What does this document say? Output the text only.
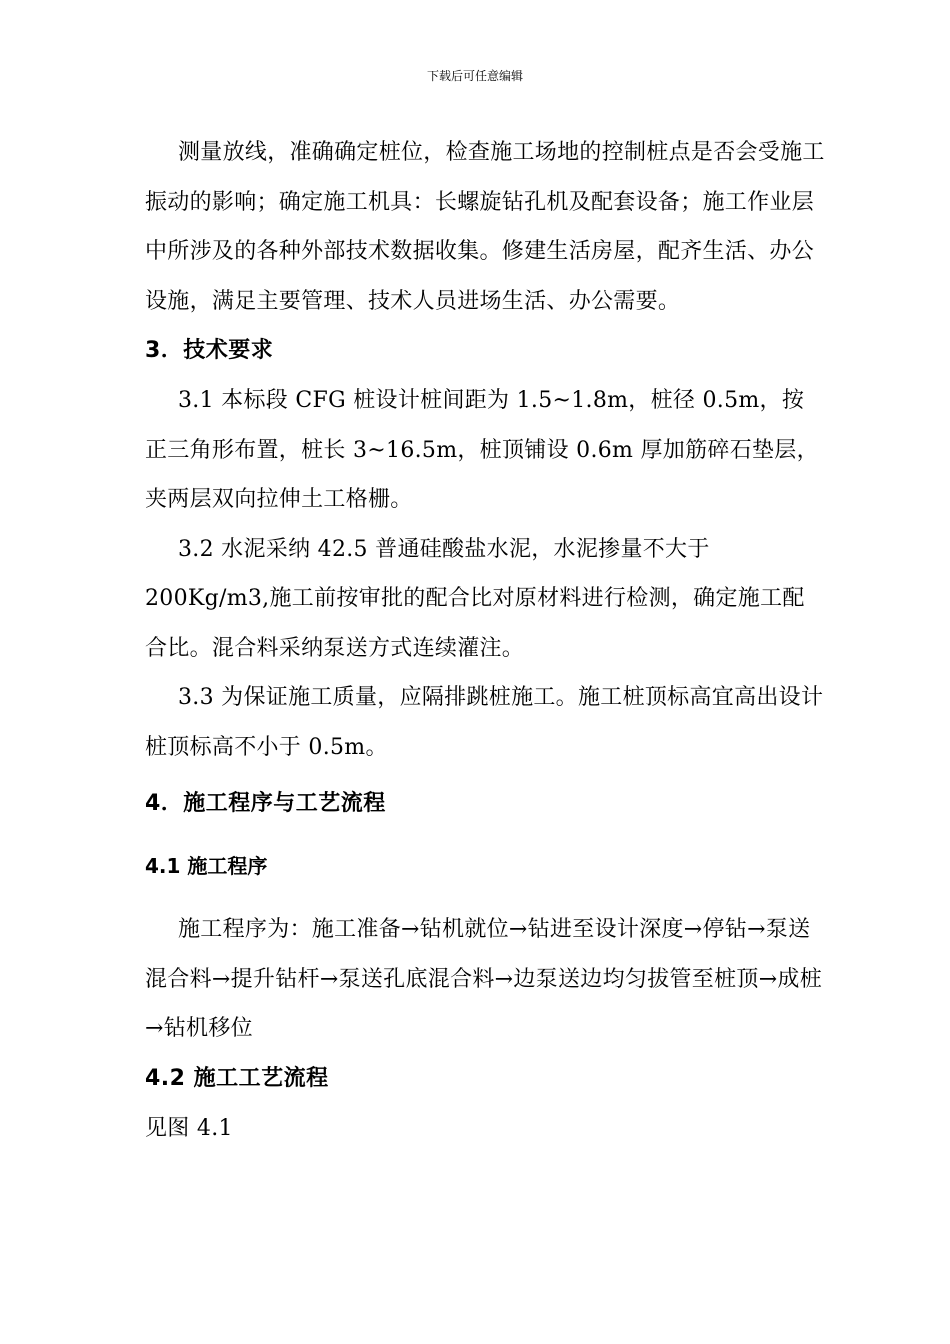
下载后可任意编辑

测量放线，准确确定桩位，检查施工场地的控制桩点是否会受施工振动的影响；确定施工机具：长螺旋钻孔机及配套设备；施工作业层中所涉及的各种外部技术数据收集。修建生活房屋，配齐生活、办公设施，满足主要管理、技术人员进场生活、办公需要。

3．技术要求

3.1 本标段 CFG 桩设计桩间距为 1.5~1.8m，桩径 0.5m，按正三角形布置，桩长 3~16.5m，桩顶铺设 0.6m 厚加筋碎石垫层，夹两层双向拉伸土工格栅。

3.2 水泥采纳 42.5 普通硅酸盐水泥，水泥掺量不大于 200Kg/m3,施工前按审批的配合比对原材料进行检测，确定施工配合比。混合料采纳泵送方式连续灌注。

3.3 为保证施工质量，应隔排跳桩施工。施工桩顶标高宜高出设计桩顶标高不小于 0.5m。

4．施工程序与工艺流程
4.1 施工程序

施工程序为：施工准备→钻机就位→钻进至设计深度→停钻→泵送混合料→提升钻杆→泵送孔底混合料→边泵送边均匀拔管至桩顶→成桩→钻机移位

4.2 施工工艺流程

见图 4.1
